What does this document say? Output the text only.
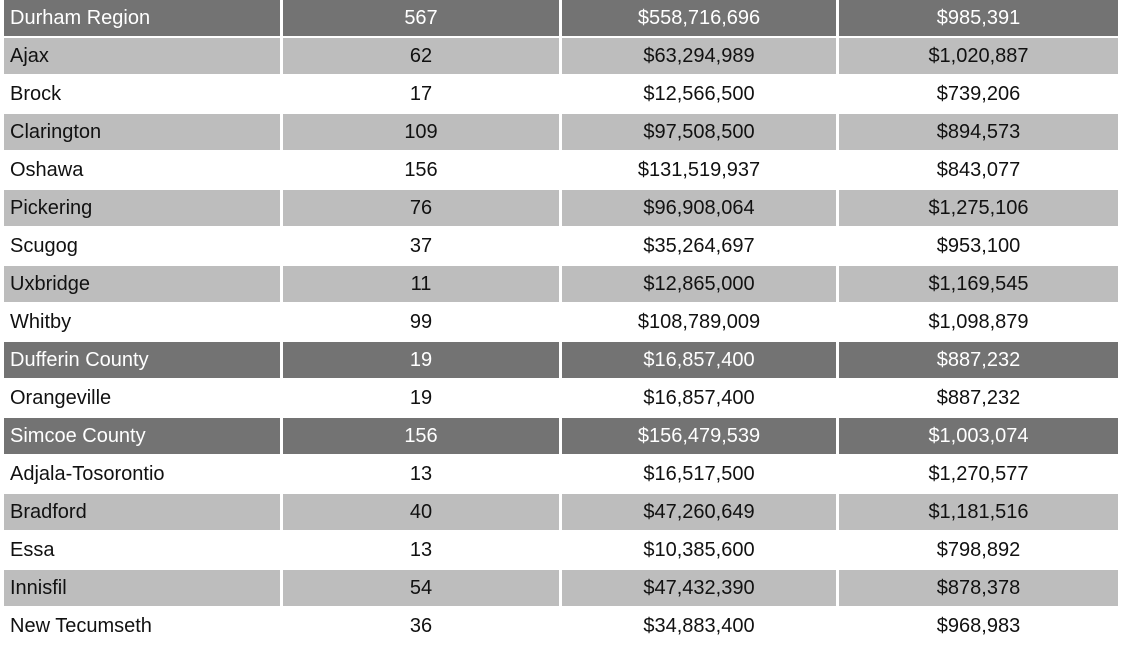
Durham Region	567	$558,716,696	$985,391
Ajax	62	$63,294,989	$1,020,887
Brock	17	$12,566,500	$739,206
Clarington	109	$97,508,500	$894,573
Oshawa	156	$131,519,937	$843,077
Pickering	76	$96,908,064	$1,275,106
Scugog	37	$35,264,697	$953,100
Uxbridge	11	$12,865,000	$1,169,545
Whitby	99	$108,789,009	$1,098,879
Dufferin County	19	$16,857,400	$887,232
Orangeville	19	$16,857,400	$887,232
Simcoe County	156	$156,479,539	$1,003,074
Adjala-Tosorontio	13	$16,517,500	$1,270,577
Bradford	40	$47,260,649	$1,181,516
Essa	13	$10,385,600	$798,892
Innisfil	54	$47,432,390	$878,378
New Tecumseth	36	$34,883,400	$968,983
